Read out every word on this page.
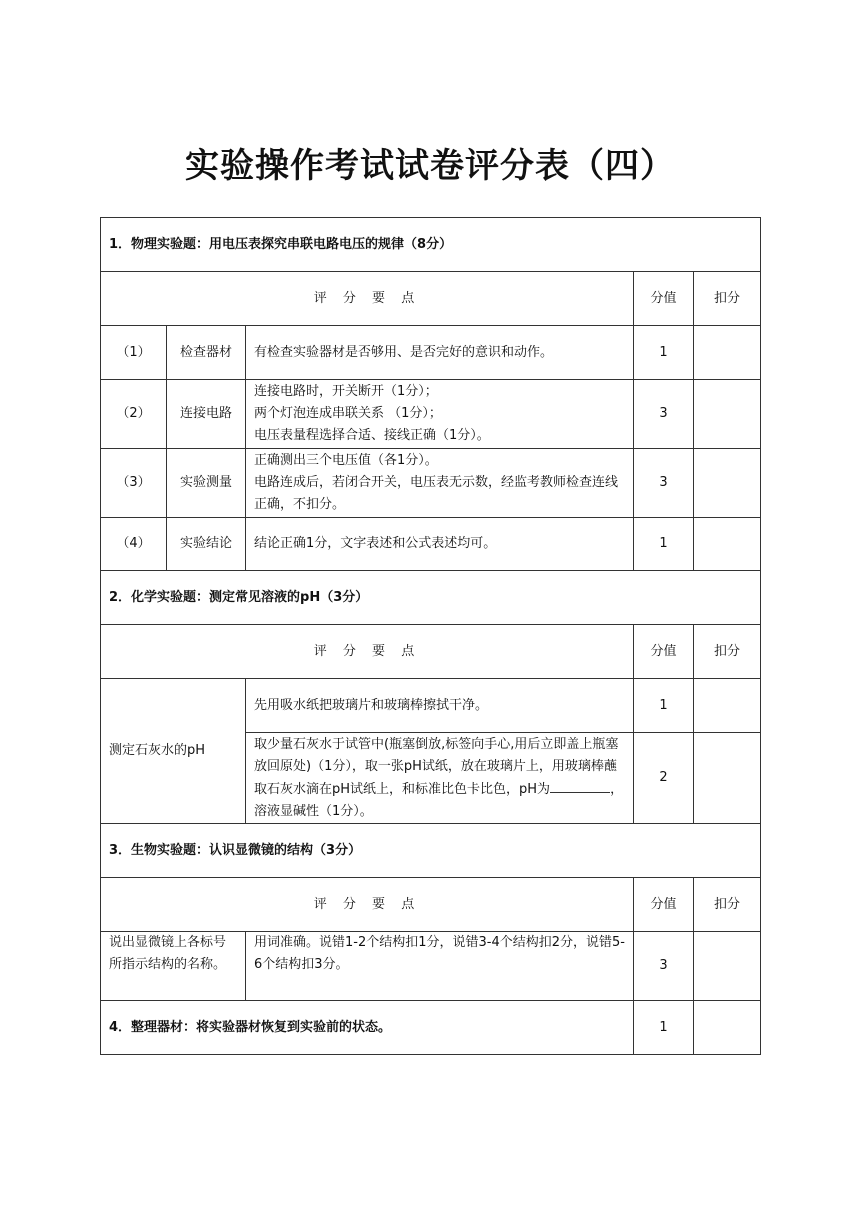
实验操作考试试卷评分表（四）
1．物理实验题：用电压表探究串联电路电压的规律（8分）				
评 分 要 点			分值	扣分
（1）	检查器材	有检查实验器材是否够用、是否完好的意识和动作。	1	
（2）	连接电路	连接电路时，开关断开（1分）；
两个灯泡连成串联关系 （1分）；
电压表量程选择合适、接线正确（1分）。	3	
（3）	实验测量	正确测出三个电压值（各1分）。
电路连成后，若闭合开关，电压表无示数，经监考教师检查连线正确，不扣分。	3	
（4）	实验结论	结论正确1分，文字表述和公式表述均可。	1	
2．化学实验题：测定常见溶液的pH（3分）				
评 分 要 点			分值	扣分
测定石灰水的pH		先用吸水纸把玻璃片和玻璃棒擦拭干净。	1	
		取少量石灰水于试管中(瓶塞倒放,标签向手心,用后立即盖上瓶塞放回原处)（1分），取一张pH试纸，放在玻璃片上，用玻璃棒蘸取石灰水滴在pH试纸上，和标准比色卡比色，pH为 ，溶液显碱性（1分）。	2	
3．生物实验题：认识显微镜的结构（3分）				
评 分 要 点			分值	扣分
说出显微镜上各标号所指示结构的名称。		用词准确。说错1-2个结构扣1分，说错3-4个结构扣2分，说错5-6个结构扣3分。	3	
4．整理器材：将实验器材恢复到实验前的状态。			1	
